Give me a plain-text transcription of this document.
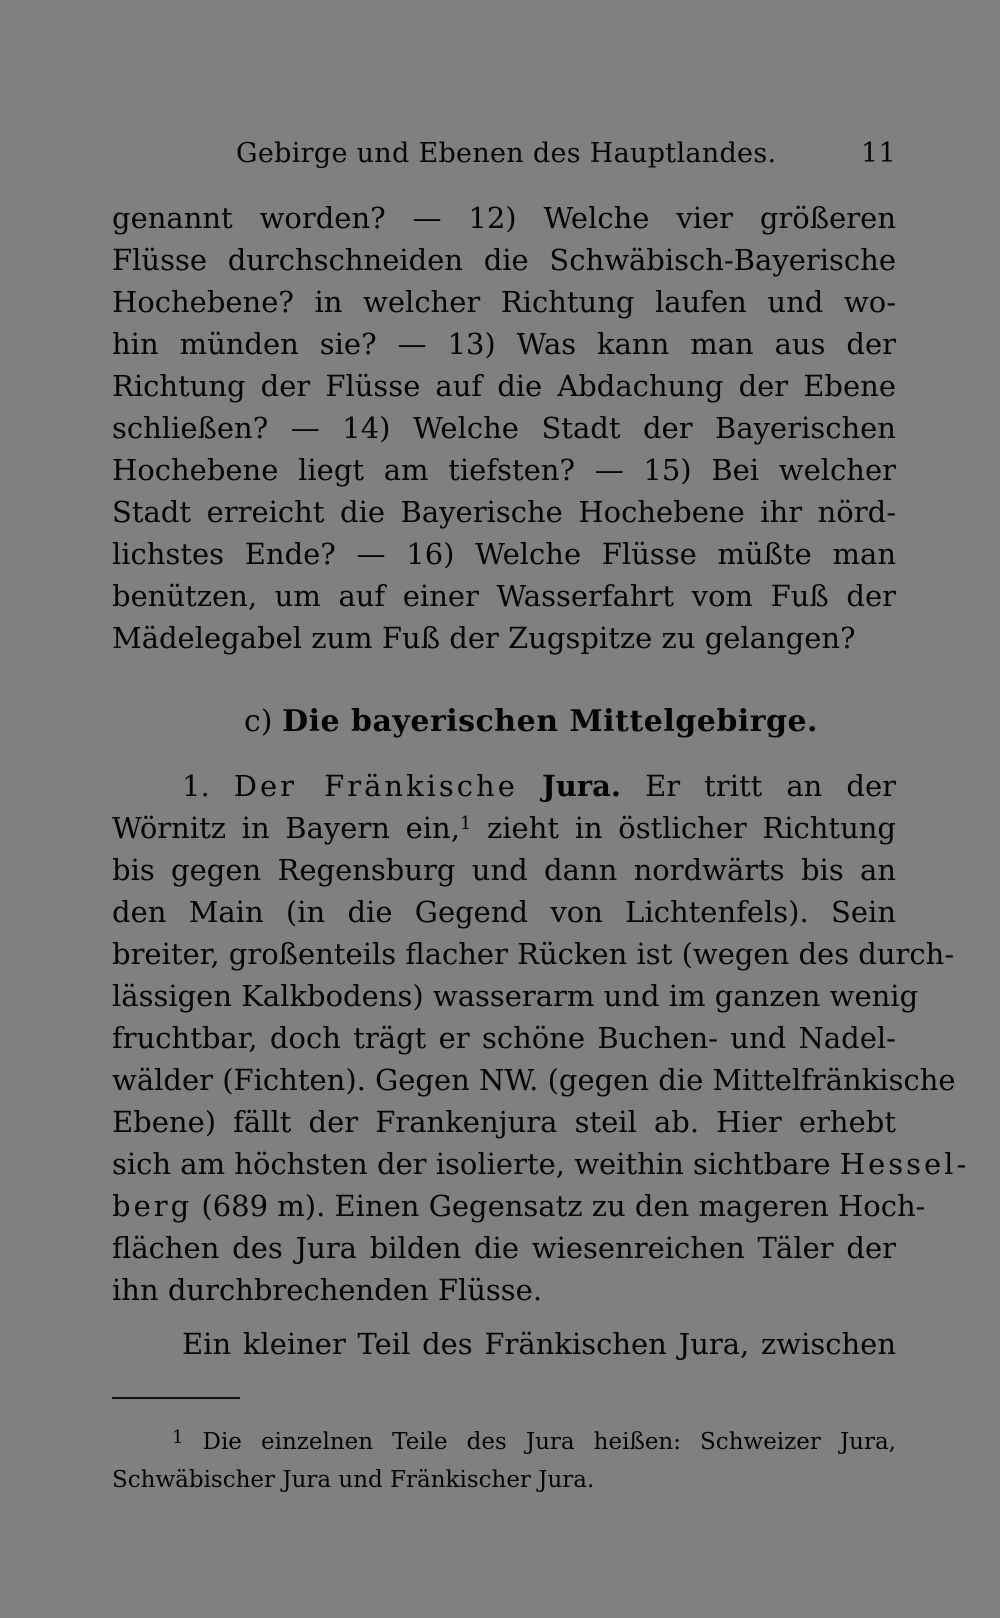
Gebirge und Ebenen des Hauptlandes.	11
genannt worden? — 12) Welche vier größeren
Flüsse durchschneiden die Schwäbisch-Bayerische
Hochebene? in welcher Richtung laufen und wo-
hin münden sie? — 13) Was kann man aus der
Richtung der Flüsse auf die Abdachung der Ebene
schließen? — 14) Welche Stadt der Bayerischen
Hochebene liegt am tiefsten? — 15) Bei welcher
Stadt erreicht die Bayerische Hochebene ihr nörd-
lichstes Ende? — 16) Welche Flüsse müßte man
benützen, um auf einer Wasserfahrt vom Fuß der
Mädelegabel zum Fuß der Zugspitze zu gelangen?
c) Die bayerischen Mittelgebirge.
1. Der Fränkische Jura. Er tritt an der
Wörnitz in Bayern ein,$^1$ zieht in östlicher Richtung
bis gegen Regensburg und dann nordwärts bis an
den Main (in die Gegend von Lichtenfels). Sein
breiter, großenteils flacher Rücken ist (wegen des durch-
lässigen Kalkbodens) wasserarm und im ganzen wenig
fruchtbar, doch trägt er schöne Buchen- und Nadel-
wälder (Fichten). Gegen NW. (gegen die Mittelfränkische
Ebene) fällt der Frankenjura steil ab. Hier erhebt
sich am höchsten der isolierte, weithin sichtbare Hessel-
berg (689 m). Einen Gegensatz zu den mageren Hoch-
flächen des Jura bilden die wiesenreichen Täler der
ihn durchbrechenden Flüsse.
Ein kleiner Teil des Fränkischen Jura, zwischen
$^1$ Die einzelnen Teile des Jura heißen: Schweizer Jura,
Schwäbischer Jura und Fränkischer Jura.
